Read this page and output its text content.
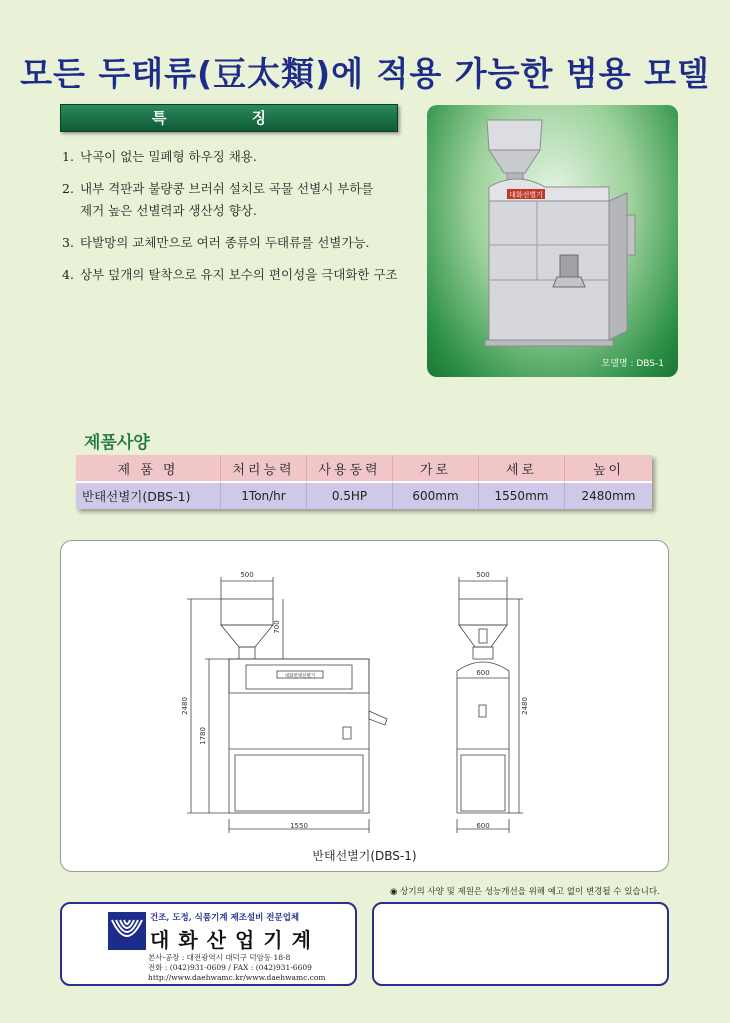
모든 두태류(豆太類)에 적용 가능한 범용 모델
특 징
1. 낙곡이 없는 밀폐형 하우징 채용.
2. 내부 격판과 불량콩 브러쉬 설치로 곡물 선별시 부하를
제거 높은 선별력과 생산성 향상.
3. 타발망의 교체만으로 여러 종류의 두태류를 선별가능.
4. 상부 덮개의 탈착으로 유지 보수의 편이성을 극대화한 구조
대화선별기
모델명 : DBS-1
제품사양
제 품 명	처리능력	사용동력	가로	세로	높이
반태선별기(DBS-1)	1Ton/hr	0.5HP	600mm	1550mm	2480mm
500
700
2480
1780
대화반태선별기
1550
500
600
2480
600
반태선별기(DBS-1)
◉ 상기의 사양 및 제원은 성능개선을 위해 예고 없이 변경될 수 있습니다.
건조, 도정, 식품기계 제조설비 전문업체
대화산업기계
본사·공장 : 대전광역시 대덕구 덕암동 18-8
전화 : (042)931-0609 / FAX : (042)931-6609
http://www.daehwamc.kr/www.daehwamc.com
